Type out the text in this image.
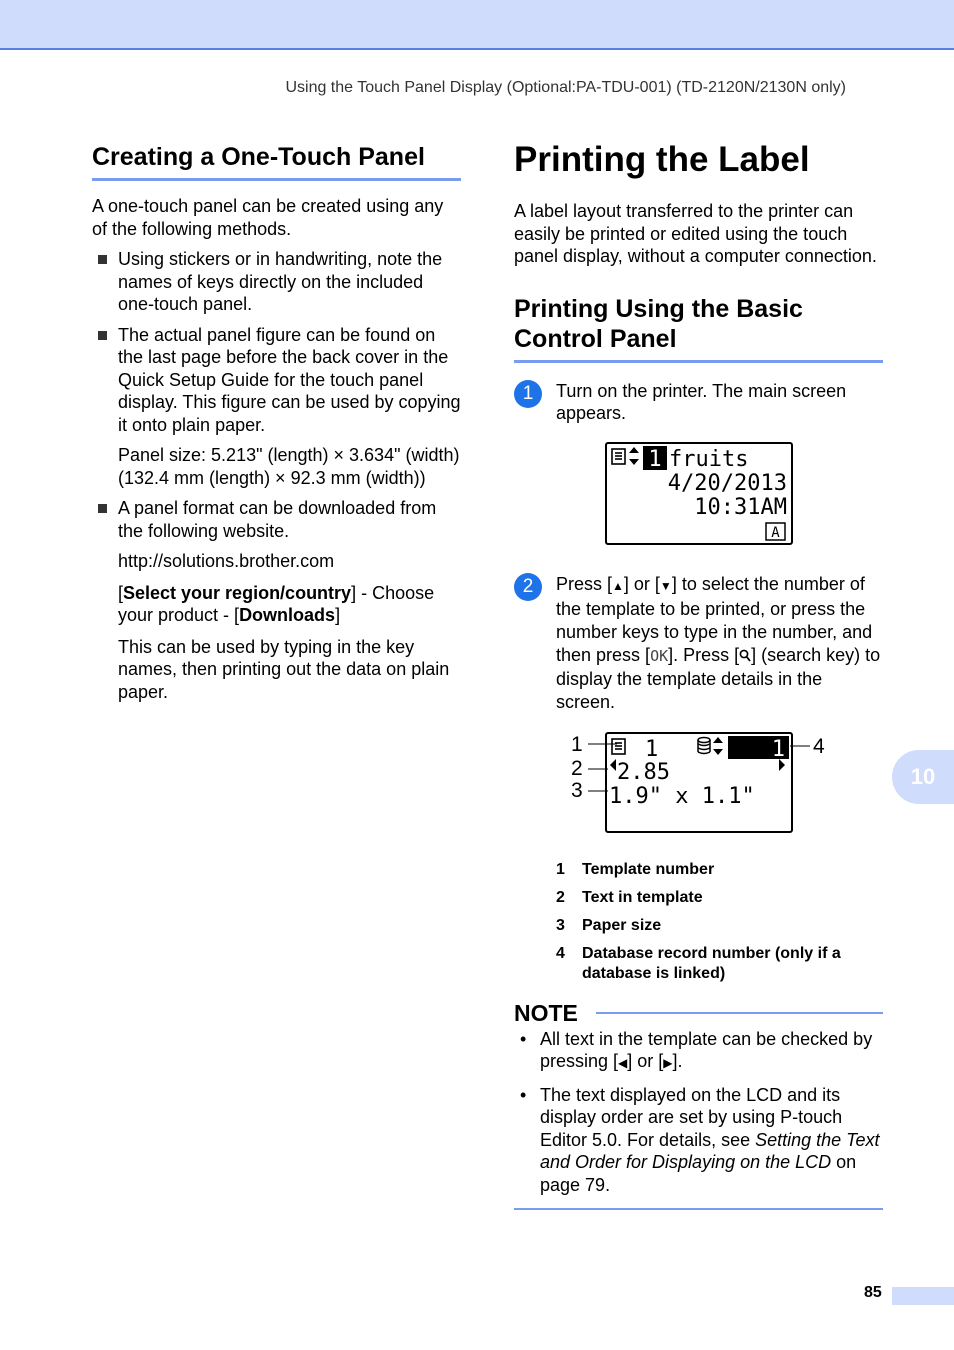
Using the Touch Panel Display (Optional:PA-TDU-001) (TD-2120N/2130N only)
Creating a One-Touch Panel

A one-touch panel can be created using any of the following methods.

Using stickers or in handwriting, note the names of keys directly on the included one-touch panel.
The actual panel figure can be found on the last page before the back cover in the Quick Setup Guide for the touch panel display. This figure can be used by copying it onto plain paper.

Panel size: 5.213" (length) × 3.634" (width) (132.4 mm (length) × 92.3 mm (width))

A panel format can be downloaded from the following website.

http://solutions.brother.com

[Select your region/country] - Choose your product - [Downloads]

This can be used by typing in the key names, then printing out the data on plain paper.

Printing the Label

A label layout transferred to the printer can easily be printed or edited using the touch panel display, without a computer connection.

Printing Using the Basic Control Panel
1	Turn on the printer. The main screen appears.

1 fruits
4/20/2013
10:31AM
A
2	Press [▲] or [▼] to select the number of the template to be printed, or press the number keys to type in the number, and then press [OK]. Press [ ] (search key) to display the template details in the screen.

1	1
2.85
1.9" x 1.1"
1
2
3
4
1	Template number
2	Text in template
3	Paper size
4	Database record number (only if a database is linked)
NOTE
• All text in the template can be checked by pressing [◀] or [▶].
• The text displayed on the LCD and its display order are set by using P-touch Editor 5.0. For details, see Setting the Text and Order for Displaying on the LCD on page 79.
10
85
